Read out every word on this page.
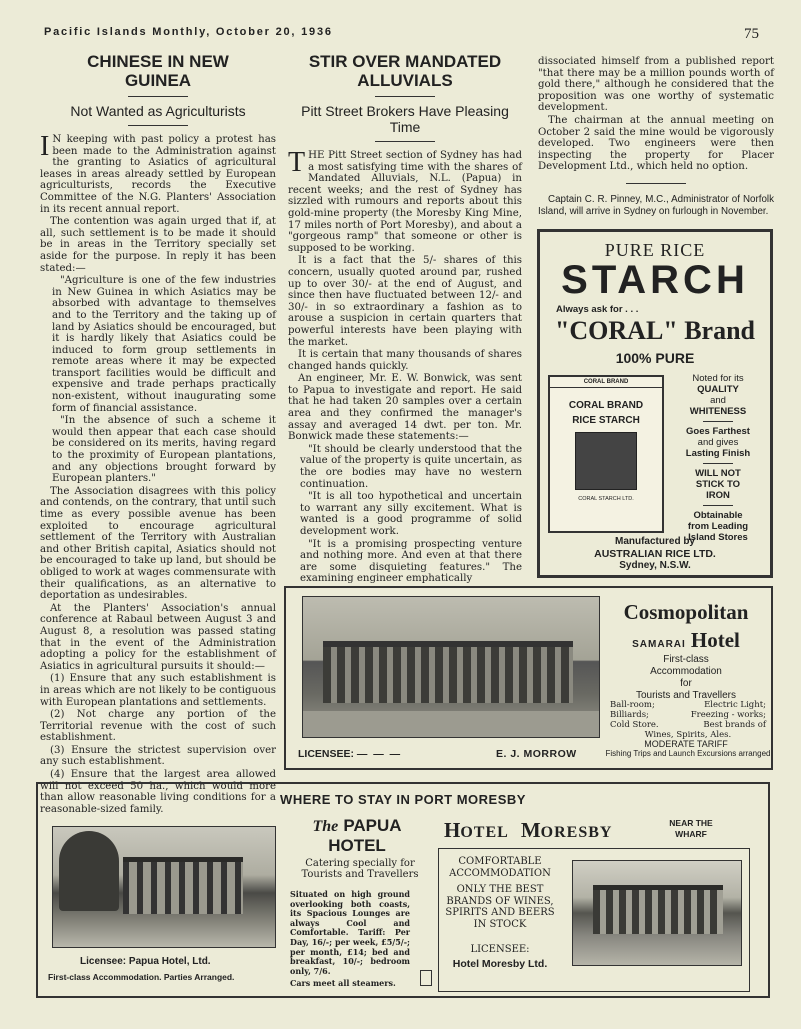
Pacific Islands Monthly, October 20, 1936	75
CHINESE IN NEW GUINEA
Not Wanted as Agriculturists

I N keeping with past policy a protest has been made to the Administration against the granting to Asiatics of agricultural leases in areas already settled by European agriculturists, records the Executive Committee of the N.G. Planters' Association in its recent annual report.

The contention was again urged that if, at all, such settlement is to be made it should be in areas in the Territory specially set aside for the purpose. In reply it has been stated:—

"Agriculture is one of the few industries in New Guinea in which Asiatics may be absorbed with advantage to themselves and to the Territory and the taking up of land by Asiatics should be encouraged, but it is hardly likely that Asiatics could be induced to form group settlements in remote areas where it may be expected transport facilities would be difficult and expensive and trade perhaps practically non-existent, without inaugurating some form of financial assistance.

"In the absence of such a scheme it would then appear that each case should be considered on its merits, having regard to the proximity of European plantations, and any objections brought forward by European planters."

The Association disagrees with this policy and contends, on the contrary, that until such time as every possible avenue has been exploited to encourage agricultural settlement of the Territory with Australian and other British capital, Asiatics should not be encouraged to take up land, but should be obliged to work at wages commensurate with their qualifications, as an alternative to deportation as undesirables.

At the Planters' Association's annual conference at Rabaul between August 3 and August 8, a resolution was passed stating that in the event of the Administration adopting a policy for the establishment of Asiatics in agricultural pursuits it should:—

(1) Ensure that any such establishment is in areas which are not likely to be contiguous with European plantations and settlements.

(2) Not charge any portion of the Territorial revenue with the cost of such establishment.

(3) Ensure the strictest supervision over any such establishment.

(4) Ensure that the largest area allowed will not exceed 50 ha., which would more than allow reasonable living conditions for a reasonable-sized family.

STIR OVER MANDATED ALLUVIALS
Pitt Street Brokers Have Pleasing Time

THE Pitt Street section of Sydney has had a most satisfying time with the shares of Mandated Alluvials, N.L. (Papua) in recent weeks; and the rest of Sydney has sizzled with rumours and reports about this gold-mine property (the Moresby King Mine, 17 miles north of Port Moresby), and about a "gorgeous ramp" that someone or other is supposed to be working.

It is a fact that the 5/- shares of this concern, usually quoted around par, rushed up to over 30/- at the end of August, and since then have fluctuated between 12/- and 30/- in so extraordinary a fashion as to arouse a suspicion in certain quarters that powerful interests have been playing with the market.

It is certain that many thousands of shares changed hands quickly.

An engineer, Mr. E. W. Bonwick, was sent to Papua to investigate and report. He said that he had taken 20 samples over a certain area and they confirmed the manager's assay and averaged 14 dwt. per ton. Mr. Bonwick made these statements:—

"It should be clearly understood that the value of the property is quite uncertain, as the ore bodies may have no western continuation.

"It is all too hypothetical and uncertain to warrant any silly excitement. What is wanted is a good programme of solid development work.

"It is a promising prospecting venture and nothing more. And even at that there are some disquieting features." The examining engineer emphatically

dissociated himself from a published report "that there may be a million pounds worth of gold there," although he considered that the proposition was one worthy of systematic development.

The chairman at the annual meeting on October 2 said the mine would be vigorously developed. Two engineers were then inspecting the property for Placer Development Ltd., which held no option.

Captain C. R. Pinney, M.C., Administrator of Norfolk Island, will arrive in Sydney on furlough in November.

PURE RICE
STARCH
Always ask for . . .
"CORAL" Brand
100% PURE
CORAL BRAND
CORAL BRAND
RICE STARCH
CORAL STARCH LTD.
Noted for its
QUALITY
and
WHITENESS
Goes Farthest
and gives
Lasting Finish
WILL NOT
STICK TO
IRON
Obtainable
from Leading
Island Stores
Manufactured by
AUSTRALIAN RICE LTD.
Sydney, N.S.W.
Cosmopolitan
SAMARAI Hotel
First-class
Accommodation
for
Tourists and Travellers
Ball-room;	Electric Light;
Billiards;	Freezing - works;
Cold Store.	Best brands of
Wines, Spirits, Ales.
MODERATE TARIFF
Fishing Trips and Launch Excursions arranged
LICENSEE: —  —  —	E. J. MORROW
WHERE TO STAY IN PORT MORESBY
Licensee: Papua Hotel, Ltd.
First-class Accommodation. Parties Arranged.
The PAPUA
HOTEL
Catering specially for Tourists and Travellers
Situated on high ground overlooking both coasts, its Spacious Lounges are always Cool and Comfortable. Tariff: Per Day, 16/-; per week, £5/5/-; per month, £14; bed and breakfast, 10/-; bedroom only, 7/6.
Cars meet all steamers.
HOTEL MORESBY
NEAR THE WHARF
COMFORTABLE ACCOMMODATION
ONLY THE BEST BRANDS OF WINES, SPIRITS AND BEERS IN STOCK
LICENSEE:
Hotel Moresby Ltd.
